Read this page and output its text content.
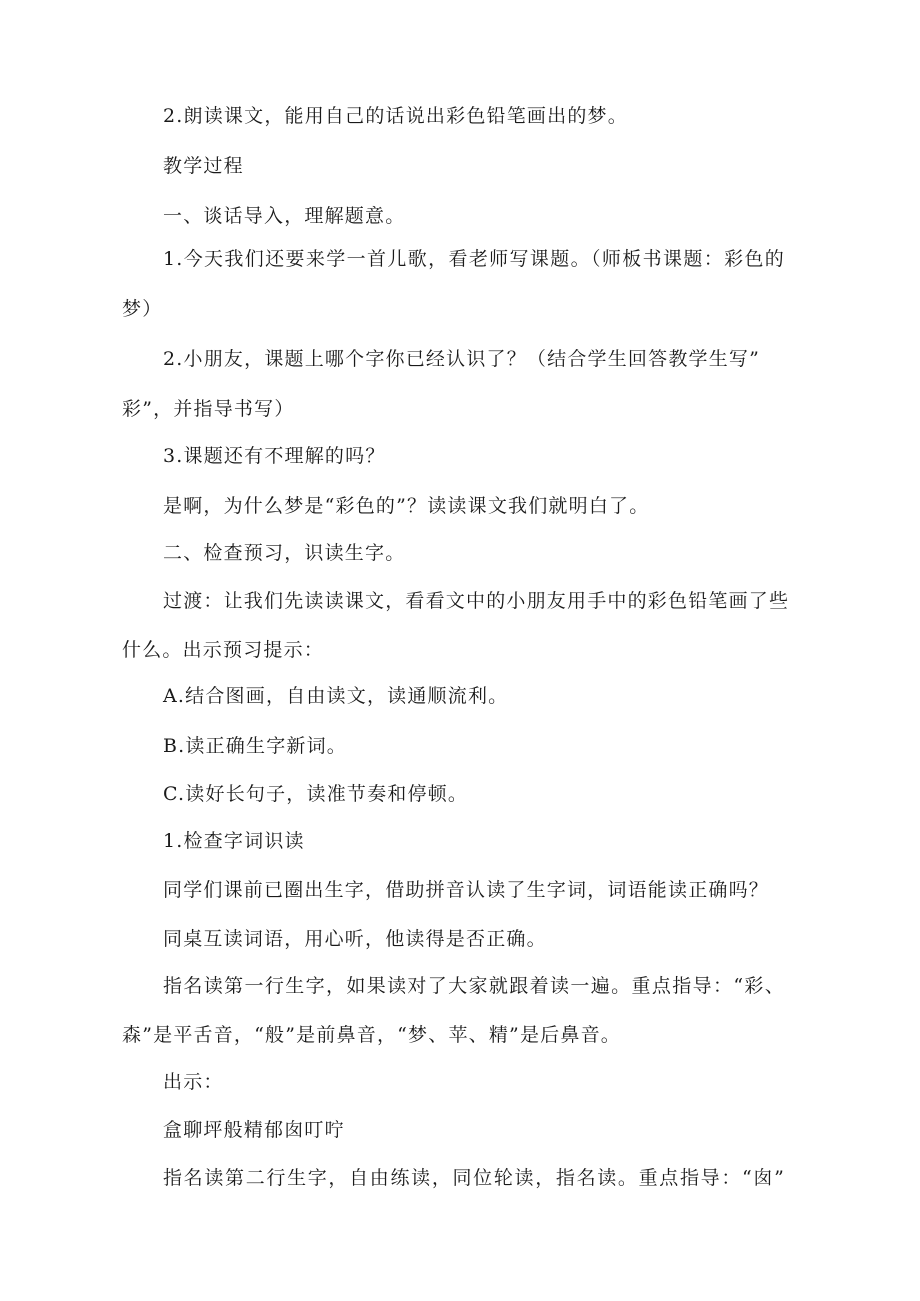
2.朗读课文，能用自己的话说出彩色铅笔画出的梦。
教学过程
一、谈话导入，理解题意。
1.今天我们还要来学一首儿歌，看老师写课题。（师板书课题：彩色的
梦）
2.小朋友，课题上哪个字你已经认识了？（结合学生回答教学生写”
彩”，并指导书写）
3.课题还有不理解的吗？
是啊，为什么梦是“彩色的”？读读课文我们就明白了。
二、检查预习，识读生字。
过渡：让我们先读读课文，看看文中的小朋友用手中的彩色铅笔画了些
什么。出示预习提示：
A.结合图画，自由读文，读通顺流利。
B.读正确生字新词。
C.读好长句子，读准节奏和停顿。
1.检查字词识读
同学们课前已圈出生字，借助拼音认读了生字词，词语能读正确吗？
同桌互读词语，用心听，他读得是否正确。
指名读第一行生字，如果读对了大家就跟着读一遍。重点指导：“彩、
森”是平舌音，“般”是前鼻音，“梦、苹、精”是后鼻音。
出示：
盒聊坪般精郁囱叮咛
指名读第二行生字，自由练读，同位轮读，指名读。重点指导：“囱”
